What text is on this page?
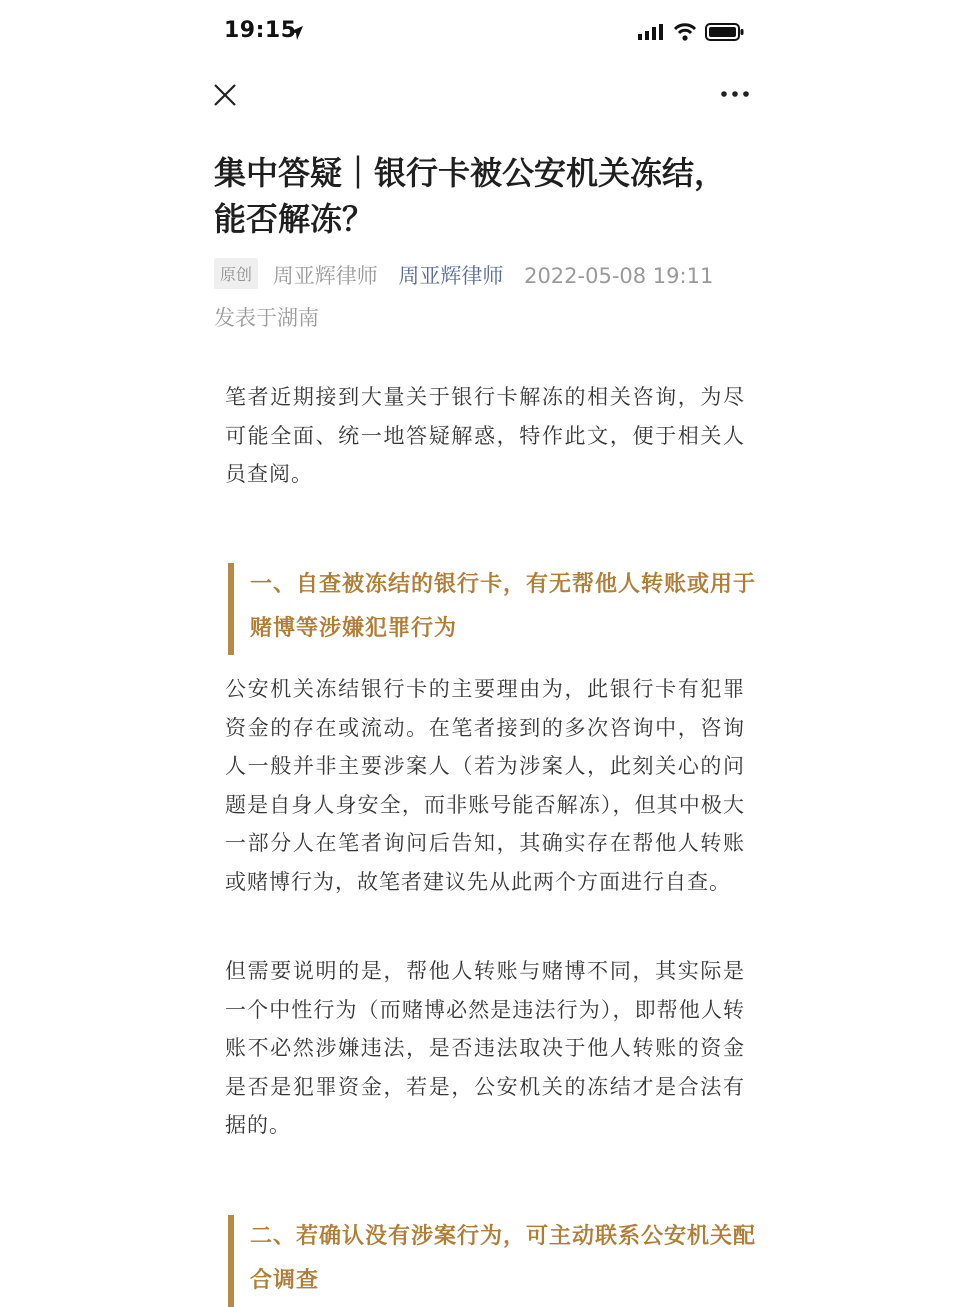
19:15
集中答疑｜银行卡被公安机关冻结，能否解冻？
原创 周亚辉律师 周亚辉律师 2022-05-08 19:11
发表于湖南

笔者近期接到大量关于银行卡解冻的相关咨询，为尽可能全面、统一地答疑解惑，特作此文，便于相关人员查阅。

一、自查被冻结的银行卡，有无帮他人转账或用于赌博等涉嫌犯罪行为

公安机关冻结银行卡的主要理由为，此银行卡有犯罪资金的存在或流动。在笔者接到的多次咨询中，咨询人一般并非主要涉案人（若为涉案人，此刻关心的问题是自身人身安全，而非账号能否解冻），但其中极大一部分人在笔者询问后告知，其确实存在帮他人转账或赌博行为，故笔者建议先从此两个方面进行自查。

但需要说明的是，帮他人转账与赌博不同，其实际是一个中性行为（而赌博必然是违法行为），即帮他人转账不必然涉嫌违法，是否违法取决于他人转账的资金是否是犯罪资金，若是，公安机关的冻结才是合法有据的。

二、若确认没有涉案行为，可主动联系公安机关配合调查
